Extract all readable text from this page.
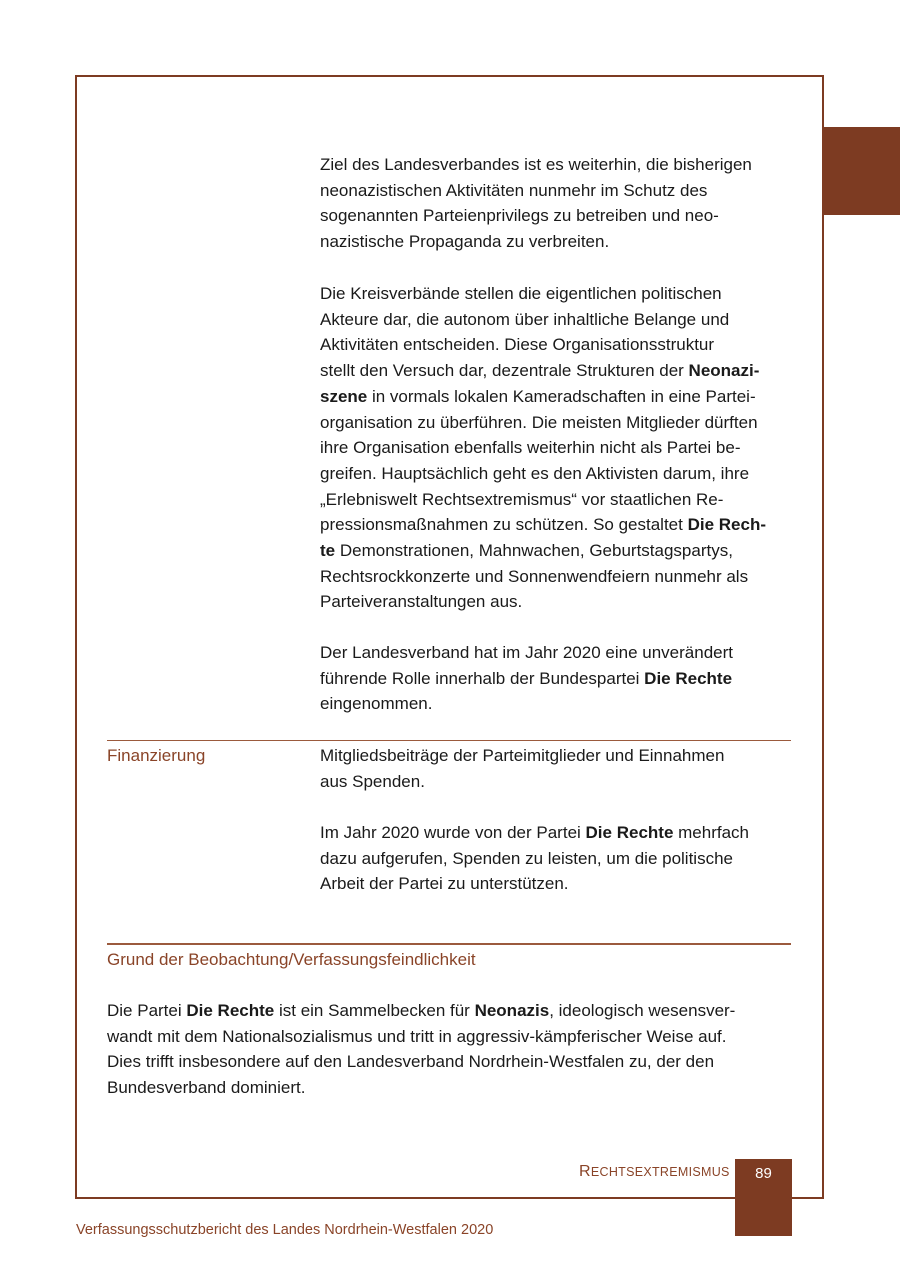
Ziel des Landesverbandes ist es weiterhin, die bisherigen neonazistischen Aktivitäten nunmehr im Schutz des sogenannten Parteienprivilegs zu betreiben und neo-nazistische Propaganda zu verbreiten.

Die Kreisverbände stellen die eigentlichen politischen
Akteure dar, die autonom über inhaltliche Belange und
Aktivitäten entscheiden. Diese Organisationsstruktur
stellt den Versuch dar, dezentrale Strukturen der Neonazi-
szene in vormals lokalen Kameradschaften in eine Partei-
organisation zu überführen. Die meisten Mitglieder dürften
ihre Organisation ebenfalls weiterhin nicht als Partei be-
greifen. Hauptsächlich geht es den Aktivisten darum, ihre
„Erlebniswelt Rechtsextremismus“ vor staatlichen Re-
pressionsmaßnahmen zu schützen. So gestaltet Die Rech-
te Demonstrationen, Mahnwachen, Geburtstagspartys,
Rechtsrockkonzerte und Sonnenwendfeiern nunmehr als
Parteiveranstaltungen aus.
Der Landesverband hat im Jahr 2020 eine unverändert
führende Rolle innerhalb der Bundespartei Die Rechte
eingenommen.
Finanzierung	Mitgliedsbeiträge der Parteimitglieder und Einnahmen
aus Spenden.
Im Jahr 2020 wurde von der Partei Die Rechte mehrfach
dazu aufgerufen, Spenden zu leisten, um die politische
Arbeit der Partei zu unterstützen.
Grund der Beobachtung/Verfassungsfeindlichkeit
Die Partei Die Rechte ist ein Sammelbecken für Neonazis, ideologisch wesensver-
wandt mit dem Nationalsozialismus und tritt in aggressiv-kämpferischer Weise auf.
Dies trifft insbesondere auf den Landesverband Nordrhein-Westfalen zu, der den
Bundesverband dominiert.
RECHTSEXTREMISMUS	89
Verfassungsschutzbericht des Landes Nordrhein-Westfalen 2020
